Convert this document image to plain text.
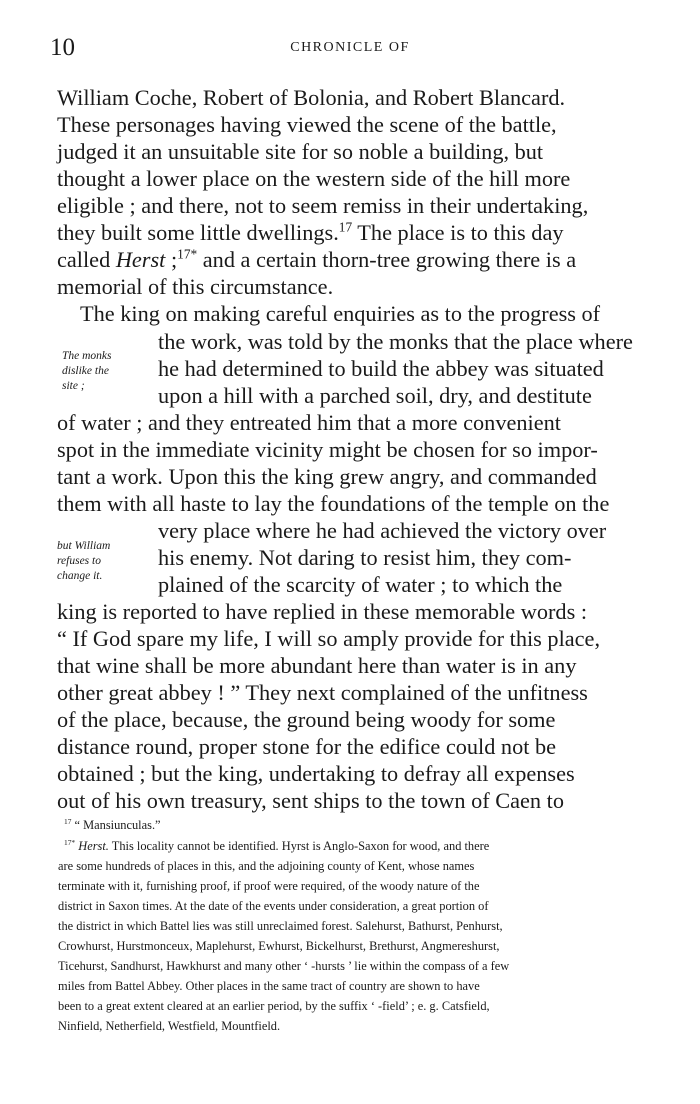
10	CHRONICLE OF
William Coche, Robert of Bolonia, and Robert Blancard.
These personages having viewed the scene of the battle,
judged it an unsuitable site for so noble a building, but
thought a lower place on the western side of the hill more
eligible ; and there, not to seem remiss in their undertaking,
they built some little dwellings.$^{17}$ The place is to this day
called Herst ;$^{17*}$ and a certain thorn-tree growing there is a
memorial of this circumstance.
The king on making careful enquiries as to the progress of
the work, was told by the monks that the place where
he had determined to build the abbey was situated
upon a hill with a parched soil, dry, and destitute
of water ; and they entreated him that a more convenient
spot in the immediate vicinity might be chosen for so impor-
tant a work. Upon this the king grew angry, and commanded
them with all haste to lay the foundations of the temple on the
very place where he had achieved the victory over
his enemy. Not daring to resist him, they com-
plained of the scarcity of water ; to which the
king is reported to have replied in these memorable words :
“ If God spare my life, I will so amply provide for this place,
that wine shall be more abundant here than water is in any
other great abbey ! ” They next complained of the unfitness
of the place, because, the ground being woody for some
distance round, proper stone for the edifice could not be
obtained ; but the king, undertaking to defray all expenses
out of his own treasury, sent ships to the town of Caen to
The monks
dislike the
site ;
but William
refuses to
change it.
$^{17}$ “ Mansiunculas.”
$^{17*}$ Herst. This locality cannot be identified. Hyrst is Anglo-Saxon for wood, and there
are some hundreds of places in this, and the adjoining county of Kent, whose names
terminate with it, furnishing proof, if proof were required, of the woody nature of the
district in Saxon times. At the date of the events under consideration, a great portion of
the district in which Battel lies was still unreclaimed forest. Salehurst, Bathurst, Penhurst,
Crowhurst, Hurstmonceux, Maplehurst, Ewhurst, Bickelhurst, Brethurst, Angmereshurst,
Ticehurst, Sandhurst, Hawkhurst and many other ‘ -hursts ’ lie within the compass of a few
miles from Battel Abbey. Other places in the same tract of country are shown to have
been to a great extent cleared at an earlier period, by the suffix ‘ -field’ ; e. g. Catsfield,
Ninfield, Netherfield, Westfield, Mountfield.
